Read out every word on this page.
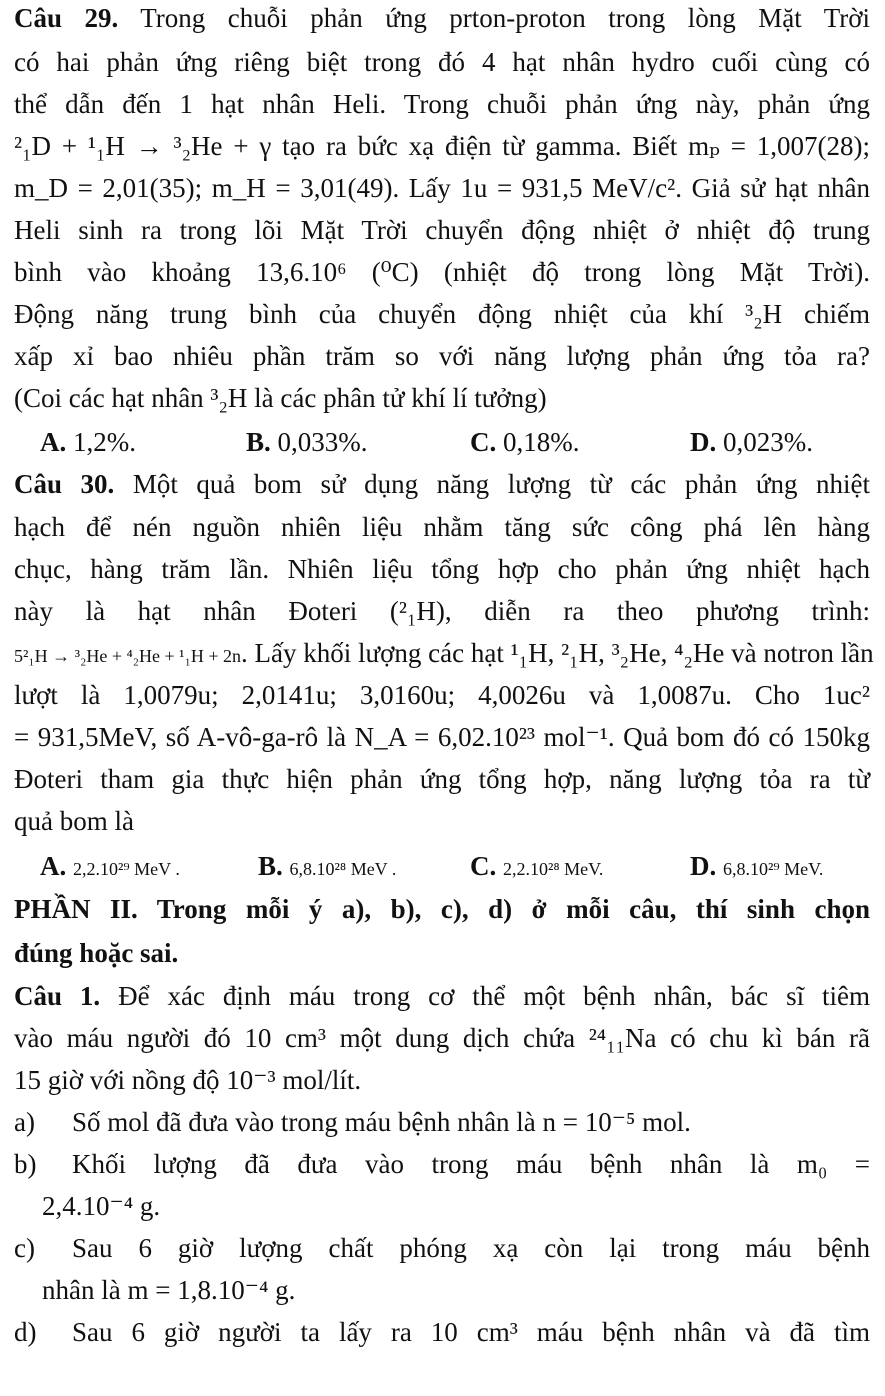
Câu 29. Trong chuỗi phản ứng prton-proton trong lòng Mặt Trời
có hai phản ứng riêng biệt trong đó 4 hạt nhân hydro cuối cùng có
thể dẫn đến 1 hạt nhân Heli. Trong chuỗi phản ứng này, phản ứng
²₁D + ¹₁H → ³₂He + γ tạo ra bức xạ điện từ gamma. Biết mₚ = 1,007(28);
m_D = 2,01(35); m_H = 3,01(49). Lấy 1u = 931,5 MeV/c². Giả sử hạt nhân
Heli sinh ra trong lõi Mặt Trời chuyển động nhiệt ở nhiệt độ trung
bình vào khoảng 13,6.10⁶ (⁰C) (nhiệt độ trong lòng Mặt Trời).
Động năng trung bình của chuyển động nhiệt của khí ³₂H chiếm
xấp xỉ bao nhiêu phần trăm so với năng lượng phản ứng tỏa ra?
(Coi các hạt nhân ³₂H là các phân tử khí lí tưởng)
A. 1,2%.	B. 0,033%.	C. 0,18%.	D. 0,023%.
Câu 30. Một quả bom sử dụng năng lượng từ các phản ứng nhiệt
hạch để nén nguồn nhiên liệu nhằm tăng sức công phá lên hàng
chục, hàng trăm lần. Nhiên liệu tổng hợp cho phản ứng nhiệt hạch
này là hạt nhân Đoteri (²₁H), diễn ra theo phương trình:
5²₁H → ³₂He + ⁴₂He + ¹₁H + 2n. Lấy khối lượng các hạt ¹₁H, ²₁H, ³₂He, ⁴₂He và notron lần
lượt là 1,0079u; 2,0141u; 3,0160u; 4,0026u và 1,0087u. Cho 1uc²
= 931,5MeV, số A-vô-ga-rô là N_A = 6,02.10²³ mol⁻¹. Quả bom đó có 150kg
Đoteri tham gia thực hiện phản ứng tổng hợp, năng lượng tỏa ra từ
quả bom là
A. 2,2.10²⁹ MeV .	B. 6,8.10²⁸ MeV .	C. 2,2.10²⁸ MeV.	D. 6,8.10²⁹ MeV.
PHẦN II. Trong mỗi ý a), b), c), d) ở mỗi câu, thí sinh chọn
đúng hoặc sai.
Câu 1. Để xác định máu trong cơ thể một bệnh nhân, bác sĩ tiêm
vào máu người đó 10 cm³ một dung dịch chứa ²⁴₁₁Na có chu kì bán rã
15 giờ với nồng độ 10⁻³ mol/lít.
a) Số mol đã đưa vào trong máu bệnh nhân là n = 10⁻⁵ mol.
b) Khối lượng đã đưa vào trong máu bệnh nhân là m₀ =
2,4.10⁻⁴ g.
c) Sau 6 giờ lượng chất phóng xạ còn lại trong máu bệnh
nhân là m = 1,8.10⁻⁴ g.
d) Sau 6 giờ người ta lấy ra 10 cm³ máu bệnh nhân và đã tìm
